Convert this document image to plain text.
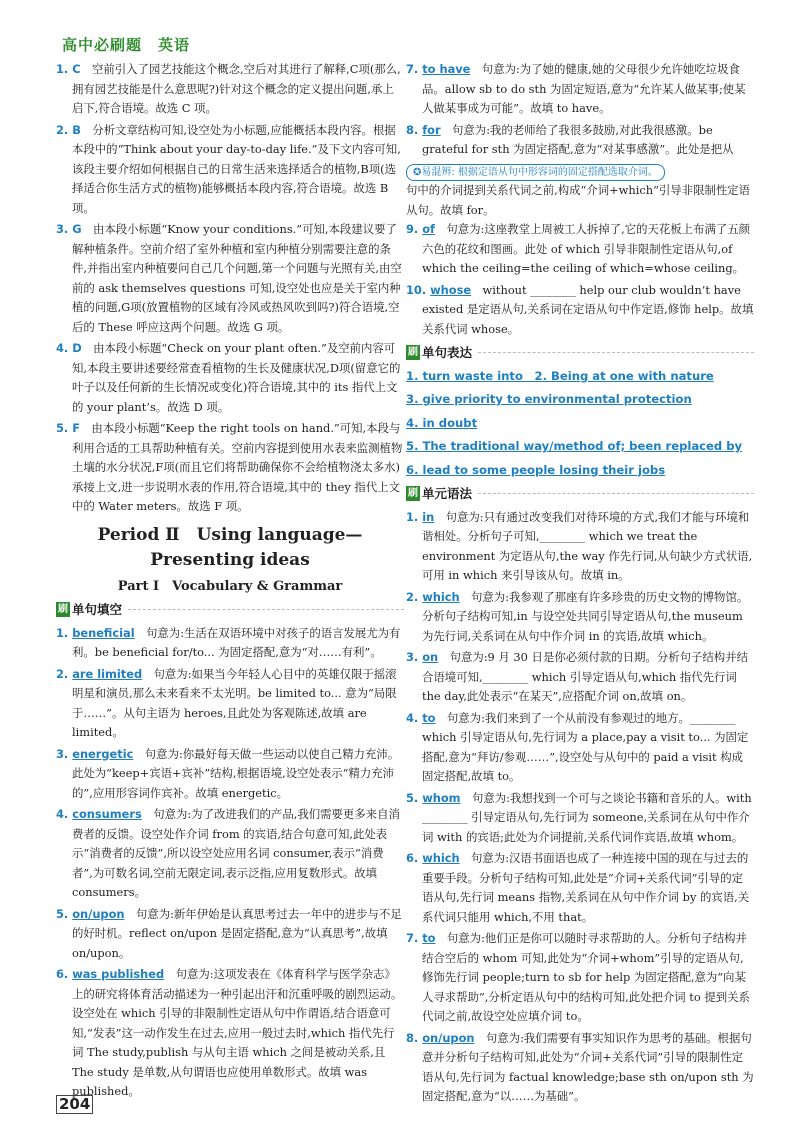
高中必刷题　英语
1. C　空前引入了园艺技能这个概念,空后对其进行了解释,C项(那么,拥有园艺技能是什么意思呢?)针对这个概念的定义提出问题,承上启下,符合语境。故选 C 项。
2. B　分析文章结构可知,设空处为小标题,应能概括本段内容。根据本段中的“Think about your day-to-day life.”及下文内容可知,该段主要介绍如何根据自己的日常生活来选择适合的植物,B项(选择适合你生活方式的植物)能够概括本段内容,符合语境。故选 B 项。
3. G　由本段小标题“Know your conditions.”可知,本段建议要了解种植条件。空前介绍了室外种植和室内种植分别需要注意的条件,并指出室内种植要问自己几个问题,第一个问题与光照有关,由空前的 ask themselves questions 可知,设空处也应是关于室内种植的问题,G项(放置植物的区域有冷风或热风吹到吗?)符合语境,空后的 These 呼应这两个问题。故选 G 项。
4. D　由本段小标题“Check on your plant often.”及空前内容可知,本段主要讲述要经常查看植物的生长及健康状况,D项(留意它的叶子以及任何新的生长情况或变化)符合语境,其中的 its 指代上文的 your plant’s。故选 D 项。
5. F　由本段小标题“Keep the right tools on hand.”可知,本段与利用合适的工具帮助种植有关。空前内容提到使用水表来监测植物土壤的水分状况,F项(而且它们将帮助确保你不会给植物浇太多水)承接上文,进一步说明水表的作用,符合语境,其中的 they 指代上文中的 Water meters。故选 F 项。
Period Ⅱ　Using language—
Presenting ideas
Part Ⅰ　Vocabulary & Grammar
刷 单句填空
1. beneficial　句意为:生活在双语环境中对孩子的语言发展尤为有利。be beneficial for/to... 为固定搭配,意为“对……有利”。
2. are limited　句意为:如果当今年轻人心目中的英雄仅限于摇滚明星和演员,那么未来看来不太光明。be limited to... 意为“局限于……”。从句主语为 heroes,且此处为客观陈述,故填 are limited。
3. energetic　句意为:你最好每天做一些运动以使自己精力充沛。此处为“keep+宾语+宾补”结构,根据语境,设空处表示“精力充沛的”,应用形容词作宾补。故填 energetic。
4. consumers　句意为:为了改进我们的产品,我们需要更多来自消费者的反馈。设空处作介词 from 的宾语,结合句意可知,此处表示“消费者的反馈”,所以设空处应用名词 consumer,表示“消费者”,为可数名词,空前无限定词,表示泛指,应用复数形式。故填 consumers。
5. on/upon　句意为:新年伊始是认真思考过去一年中的进步与不足的好时机。reflect on/upon 是固定搭配,意为“认真思考”,故填 on/upon。
6. was published　句意为:这项发表在《体育科学与医学杂志》上的研究将体育活动描述为一种引起出汗和沉重呼吸的剧烈运动。设空处在 which 引导的非限制性定语从句中作谓语,结合语意可知,“发表”这一动作发生在过去,应用一般过去时,which 指代先行词 The study,publish 与从句主语 which 之间是被动关系,且 The study 是单数,从句谓语也应使用单数形式。故填 was published。
7. to have　句意为:为了她的健康,她的父母很少允许她吃垃圾食品。allow sb to do sth 为固定短语,意为“允许某人做某事;使某人做某事成为可能”。故填 to have。
8. for　句意为:我的老师给了我很多鼓励,对此我很感激。be grateful for sth 为固定搭配,意为“对某事感激”。此处是把从
✪易混辨: 根据定语从句中形容词的固定搭配选取介词。
句中的介词提到关系代词之前,构成“介词+which”引导非限制性定语从句。故填 for。
9. of　句意为:这座教堂上周被工人拆掉了,它的天花板上布满了五颜六色的花纹和图画。此处 of which 引导非限制性定语从句,of which the ceiling=the ceiling of which=whose ceiling。
10. whose　without ________ help our club wouldn’t have existed 是定语从句,关系词在定语从句中作定语,修饰 help。故填关系代词 whose。
刷 单句表达
1. turn waste into　2. Being at one with nature
3. give priority to environmental protection
4. in doubt
5. The traditional way/method of; been replaced by
6. lead to some people losing their jobs
刷 单元语法
1. in　句意为:只有通过改变我们对待环境的方式,我们才能与环境和谐相处。分析句子可知,________ which we treat the environment 为定语从句,the way 作先行词,从句缺少方式状语,可用 in which 来引导该从句。故填 in。
2. which　句意为:我参观了那座有许多珍贵的历史文物的博物馆。分析句子结构可知,in 与设空处共同引导定语从句,the museum 为先行词,关系词在从句中作介词 in 的宾语,故填 which。
3. on　句意为:9 月 30 日是你必须付款的日期。分析句子结构并结合语境可知,________ which 引导定语从句,which 指代先行词 the day,此处表示“在某天”,应搭配介词 on,故填 on。
4. to　句意为:我们来到了一个从前没有参观过的地方。________ which 引导定语从句,先行词为 a place,pay a visit to... 为固定搭配,意为“拜访/参观……”,设空处与从句中的 paid a visit 构成固定搭配,故填 to。
5. whom　句意为:我想找到一个可与之谈论书籍和音乐的人。with ________ 引导定语从句,先行词为 someone,关系词在从句中作介词 with 的宾语;此处为介词提前,关系代词作宾语,故填 whom。
6. which　句意为:汉语书面语也成了一种连接中国的现在与过去的重要手段。分析句子结构可知,此处是“介词+关系代词”引导的定语从句,先行词 means 指物,关系词在从句中作介词 by 的宾语,关系代词只能用 which,不用 that。
7. to　句意为:他们正是你可以随时寻求帮助的人。分析句子结构并结合空后的 whom 可知,此处为“介词+whom”引导的定语从句,修饰先行词 people;turn to sb for help 为固定搭配,意为“向某人寻求帮助”,分析定语从句中的结构可知,此处把介词 to 提到关系代词之前,故设空处应填介词 to。
8. on/upon　句意为:我们需要有事实知识作为思考的基础。根据句意并分析句子结构可知,此处为“介词+关系代词”引导的限制性定语从句,先行词为 factual knowledge;base sth on/upon sth 为固定搭配,意为“以……为基础”。
204
